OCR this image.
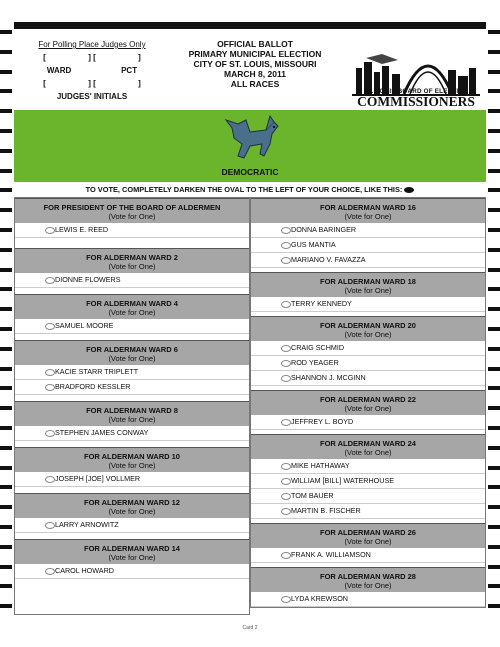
For Polling Place Judges Only
[	] [	]
WARD	PCT
[	] [	]
JUDGES' INITIALS
OFFICIAL BALLOT
PRIMARY MUNICIPAL ELECTION
CITY OF ST. LOUIS, MISSOURI
MARCH 8, 2011
ALL RACES
ST. LOUIS BOARD OF ELECTION
COMMISSIONERS
DEMOCRATIC
TO VOTE, COMPLETELY DARKEN THE OVAL TO THE LEFT OF YOUR CHOICE, LIKE THIS:
FOR PRESIDENT OF THE BOARD OF ALDERMEN
(Vote for One)
LEWIS E. REED
FOR ALDERMAN WARD 2
(Vote for One)
DIONNE FLOWERS
FOR ALDERMAN WARD 4
(Vote for One)
SAMUEL MOORE
FOR ALDERMAN WARD 6
(Vote for One)
KACIE STARR TRIPLETT
BRADFORD KESSLER
FOR ALDERMAN WARD 8
(Vote for One)
STEPHEN JAMES CONWAY
FOR ALDERMAN WARD 10
(Vote for One)
JOSEPH [JOE] VOLLMER
FOR ALDERMAN WARD 12
(Vote for One)
LARRY ARNOWITZ
FOR ALDERMAN WARD 14
(Vote for One)
CAROL HOWARD
FOR ALDERMAN WARD 16
(Vote for One)
DONNA BARINGER
GUS MANTIA
MARIANO V. FAVAZZA
FOR ALDERMAN WARD 18
(Vote for One)
TERRY KENNEDY
FOR ALDERMAN WARD 20
(Vote for One)
CRAIG SCHMID
ROD YEAGER
SHANNON J. MCGINN
FOR ALDERMAN WARD 22
(Vote for One)
JEFFREY L. BOYD
FOR ALDERMAN WARD 24
(Vote for One)
MIKE HATHAWAY
WILLIAM [BILL] WATERHOUSE
TOM BAUER
MARTIN B. FISCHER
FOR ALDERMAN WARD 26
(Vote for One)
FRANK A. WILLIAMSON
FOR ALDERMAN WARD 28
(Vote for One)
LYDA KREWSON
Card 2
